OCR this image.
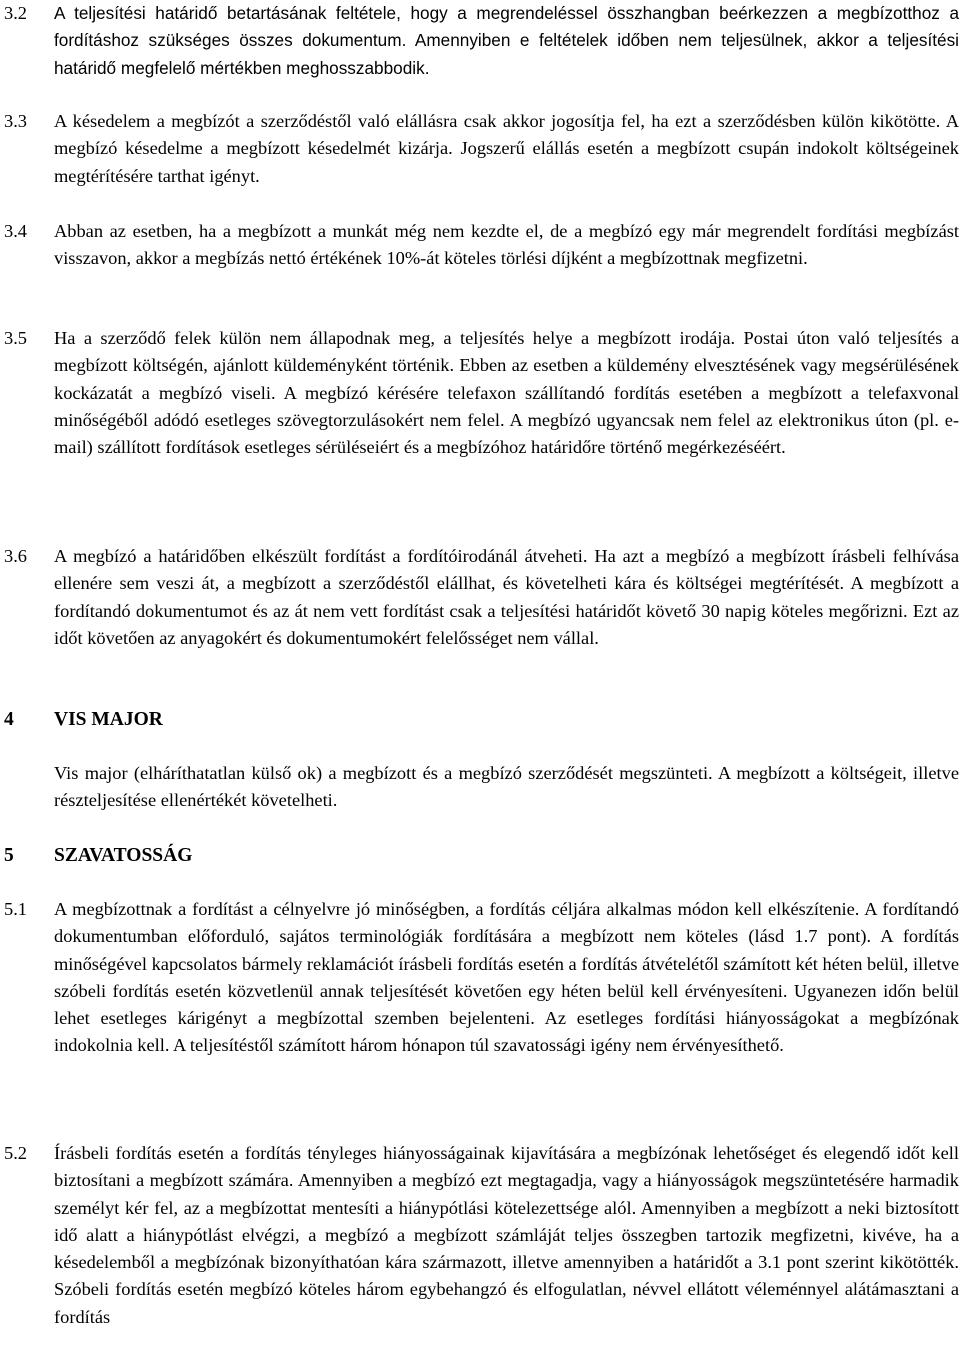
3.2 A teljesítési határidő betartásának feltétele, hogy a megrendeléssel összhangban beérkezzen a megbízotthoz a fordításhoz szükséges összes dokumentum. Amennyiben e feltételek időben nem teljesülnek, akkor a teljesítési határidő megfelelő mértékben meghosszabbodik.
3.3 A késedelem a megbízót a szerződéstől való elállásra csak akkor jogosítja fel, ha ezt a szerződésben külön kikötötte. A megbízó késedelme a megbízott késedelmét kizárja. Jogszerű elállás esetén a megbízott csupán indokolt költségeinek megtérítésére tarthat igényt.
3.4 Abban az esetben, ha a megbízott a munkát még nem kezdte el, de a megbízó egy már megrendelt fordítási megbízást visszavon, akkor a megbízás nettó értékének 10%-át köteles törlési díjként a megbízottnak megfizetni.
3.5 Ha a szerződő felek külön nem állapodnak meg, a teljesítés helye a megbízott irodája. Postai úton való teljesítés a megbízott költségén, ajánlott küldeményként történik. Ebben az esetben a küldemény elvesztésének vagy megsérülésének kockázatát a megbízó viseli. A megbízó kérésére telefaxon szállítandó fordítás esetében a megbízott a telefaxvonal minőségéből adódó esetleges szövegtorzulásokért nem felel. A megbízó ugyancsak nem felel az elektronikus úton (pl. e-mail) szállított fordítások esetleges sérüléseiért és a megbízóhoz határidőre történő megérkezéséért.
3.6 A megbízó a határidőben elkészült fordítást a fordítóirodánál átveheti. Ha azt a megbízó a megbízott írásbeli felhívása ellenére sem veszi át, a megbízott a szerződéstől elállhat, és követelheti kára és költségei megtérítését. A megbízott a fordítandó dokumentumot és az át nem vett fordítást csak a teljesítési határidőt követő 30 napig köteles megőrizni. Ezt az időt követően az anyagokért és dokumentumokért felelősséget nem vállal.
4 VIS MAJOR
Vis major (elháríthatatlan külső ok) a megbízott és a megbízó szerződését megszünteti. A megbízott a költségeit, illetve részteljesítése ellenértékét követelheti.
5 SZAVATOSSÁG
5.1 A megbízottnak a fordítást a célnyelvre jó minőségben, a fordítás céljára alkalmas módon kell elkészítenie. A fordítandó dokumentumban előforduló, sajátos terminológiák fordítására a megbízott nem köteles (lásd 1.7 pont). A fordítás minőségével kapcsolatos bármely reklamációt írásbeli fordítás esetén a fordítás átvételétől számított két héten belül, illetve szóbeli fordítás esetén közvetlenül annak teljesítését követően egy héten belül kell érvényesíteni. Ugyanezen időn belül lehet esetleges kárigényt a megbízottal szemben bejelenteni. Az esetleges fordítási hiányosságokat a megbízónak indokolnia kell. A teljesítéstől számított három hónapon túl szavatossági igény nem érvényesíthető.
5.2 Írásbeli fordítás esetén a fordítás tényleges hiányosságainak kijavítására a megbízónak lehetőséget és elegendő időt kell biztosítani a megbízott számára. Amennyiben a megbízó ezt megtagadja, vagy a hiányosságok megszüntetésére harmadik személyt kér fel, az a megbízottat mentesíti a hiánypótlási kötelezettsége alól. Amennyiben a megbízott a neki biztosított idő alatt a hiánypótlást elvégzi, a megbízó a megbízott számláját teljes összegben tartozik megfizetni, kivéve, ha a késedelemből a megbízónak bizonyíthatóan kára származott, illetve amennyiben a határidőt a 3.1 pont szerint kikötötték. Szóbeli fordítás esetén megbízó köteles három egybehangzó és elfogulatlan, névvel ellátott véleménnyel alátámasztani a fordítás
